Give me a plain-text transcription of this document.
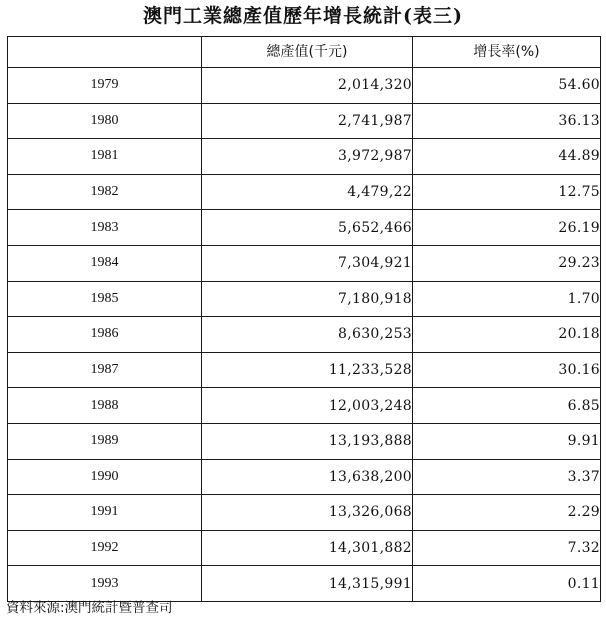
澳門工業總產值歷年增長統計(表三)
	總產值(千元)	增長率(%)
1979	2,014,320	54.60
1980	2,741,987	36.13
1981	3,972,987	44.89
1982	4,479,22	12.75
1983	5,652,466	26.19
1984	7,304,921	29.23
1985	7,180,918	1.70
1986	8,630,253	20.18
1987	11,233,528	30.16
1988	12,003,248	6.85
1989	13,193,888	9.91
1990	13,638,200	3.37
1991	13,326,068	2.29
1992	14,301,882	7.32
1993	14,315,991	0.11
資料來源:澳門統計暨普查司
